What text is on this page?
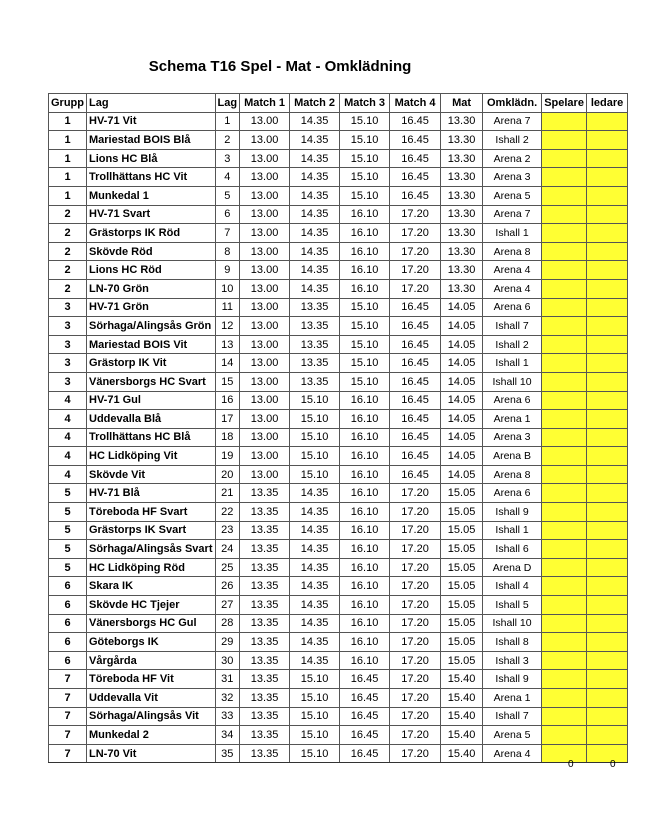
Schema T16 Spel - Mat - Omklädning
Grupp	Lag	Lag	Match 1	Match 2	Match 3	Match 4	Mat	Omklädn.	Spelare	ledare
1	HV-71 Vit	1	13.00	14.35	15.10	16.45	13.30	Arena 7		
1	Mariestad BOIS Blå	2	13.00	14.35	15.10	16.45	13.30	Ishall 2		
1	Lions HC Blå	3	13.00	14.35	15.10	16.45	13.30	Arena 2		
1	Trollhättans HC Vit	4	13.00	14.35	15.10	16.45	13.30	Arena 3		
1	Munkedal 1	5	13.00	14.35	15.10	16.45	13.30	Arena 5		
2	HV-71 Svart	6	13.00	14.35	16.10	17.20	13.30	Arena 7		
2	Grästorps IK Röd	7	13.00	14.35	16.10	17.20	13.30	Ishall 1		
2	Skövde Röd	8	13.00	14.35	16.10	17.20	13.30	Arena 8		
2	Lions HC Röd	9	13.00	14.35	16.10	17.20	13.30	Arena 4		
2	LN-70 Grön	10	13.00	14.35	16.10	17.20	13.30	Arena 4		
3	HV-71 Grön	11	13.00	13.35	15.10	16.45	14.05	Arena 6		
3	Sörhaga/Alingsås Grön	12	13.00	13.35	15.10	16.45	14.05	Ishall 7		
3	Mariestad BOIS Vit	13	13.00	13.35	15.10	16.45	14.05	Ishall 2		
3	Grästorp IK Vit	14	13.00	13.35	15.10	16.45	14.05	Ishall 1		
3	Vänersborgs HC Svart	15	13.00	13.35	15.10	16.45	14.05	Ishall 10		
4	HV-71 Gul	16	13.00	15.10	16.10	16.45	14.05	Arena 6		
4	Uddevalla Blå	17	13.00	15.10	16.10	16.45	14.05	Arena 1		
4	Trollhättans HC Blå	18	13.00	15.10	16.10	16.45	14.05	Arena 3		
4	HC Lidköping Vit	19	13.00	15.10	16.10	16.45	14.05	Arena B		
4	Skövde Vit	20	13.00	15.10	16.10	16.45	14.05	Arena 8		
5	HV-71 Blå	21	13.35	14.35	16.10	17.20	15.05	Arena 6		
5	Töreboda HF Svart	22	13.35	14.35	16.10	17.20	15.05	Ishall 9		
5	Grästorps IK Svart	23	13.35	14.35	16.10	17.20	15.05	Ishall 1		
5	Sörhaga/Alingsås Svart	24	13.35	14.35	16.10	17.20	15.05	Ishall 6		
5	HC Lidköping Röd	25	13.35	14.35	16.10	17.20	15.05	Arena D		
6	Skara IK	26	13.35	14.35	16.10	17.20	15.05	Ishall 4		
6	Skövde HC Tjejer	27	13.35	14.35	16.10	17.20	15.05	Ishall 5		
6	Vänersborgs HC Gul	28	13.35	14.35	16.10	17.20	15.05	Ishall 10		
6	Göteborgs IK	29	13.35	14.35	16.10	17.20	15.05	Ishall 8		
6	Vårgårda	30	13.35	14.35	16.10	17.20	15.05	Ishall 3		
7	Töreboda HF Vit	31	13.35	15.10	16.45	17.20	15.40	Ishall 9		
7	Uddevalla Vit	32	13.35	15.10	16.45	17.20	15.40	Arena 1		
7	Sörhaga/Alingsås Vit	33	13.35	15.10	16.45	17.20	15.40	Ishall 7		
7	Munkedal 2	34	13.35	15.10	16.45	17.20	15.40	Arena 5		
7	LN-70 Vit	35	13.35	15.10	16.45	17.20	15.40	Arena 4		
0	0
